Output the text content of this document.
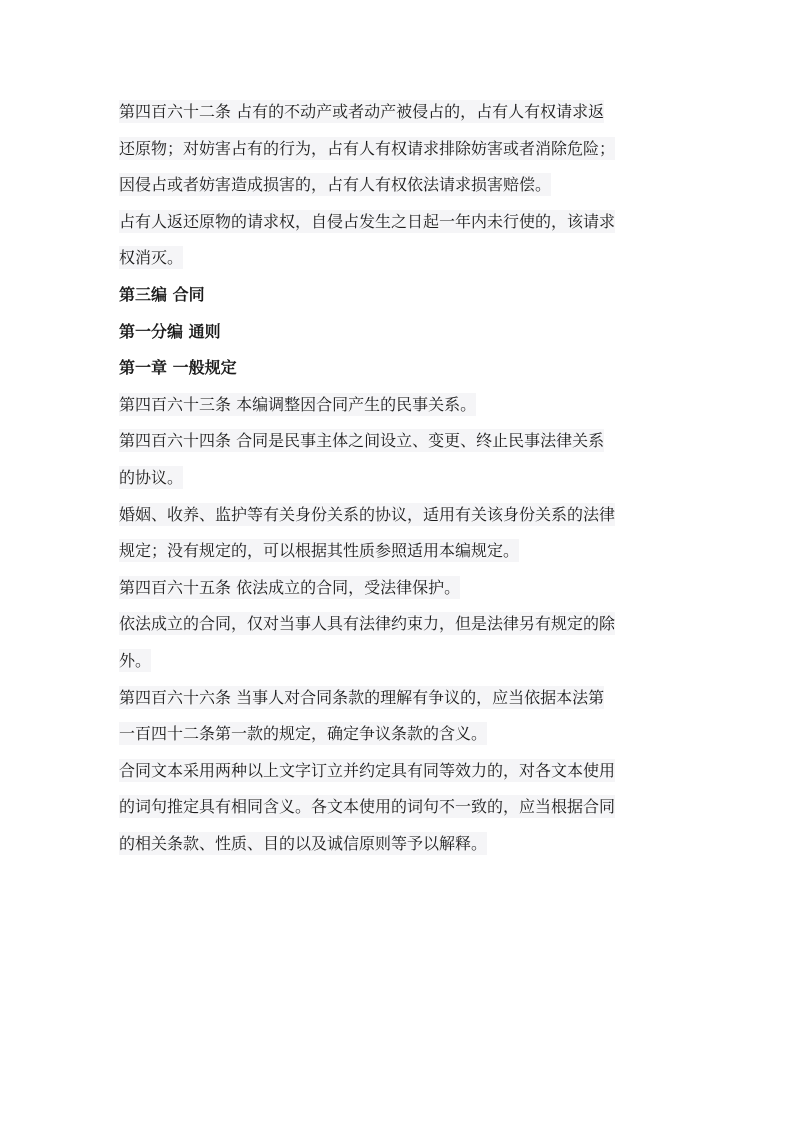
第四百六十二条 占有的不动产或者动产被侵占的，占有人有权请求返
还原物；对妨害占有的行为，占有人有权请求排除妨害或者消除危险；
因侵占或者妨害造成损害的，占有人有权依法请求损害赔偿。
占有人返还原物的请求权，自侵占发生之日起一年内未行使的，该请求
权消灭。
第三编 合同
第一分编 通则
第一章 一般规定
第四百六十三条 本编调整因合同产生的民事关系。
第四百六十四条 合同是民事主体之间设立、变更、终止民事法律关系
的协议。
婚姻、收养、监护等有关身份关系的协议，适用有关该身份关系的法律
规定；没有规定的，可以根据其性质参照适用本编规定。
第四百六十五条 依法成立的合同，受法律保护。
依法成立的合同，仅对当事人具有法律约束力，但是法律另有规定的除
外。
第四百六十六条 当事人对合同条款的理解有争议的，应当依据本法第
一百四十二条第一款的规定，确定争议条款的含义。
合同文本采用两种以上文字订立并约定具有同等效力的，对各文本使用
的词句推定具有相同含义。各文本使用的词句不一致的，应当根据合同
的相关条款、性质、目的以及诚信原则等予以解释。
